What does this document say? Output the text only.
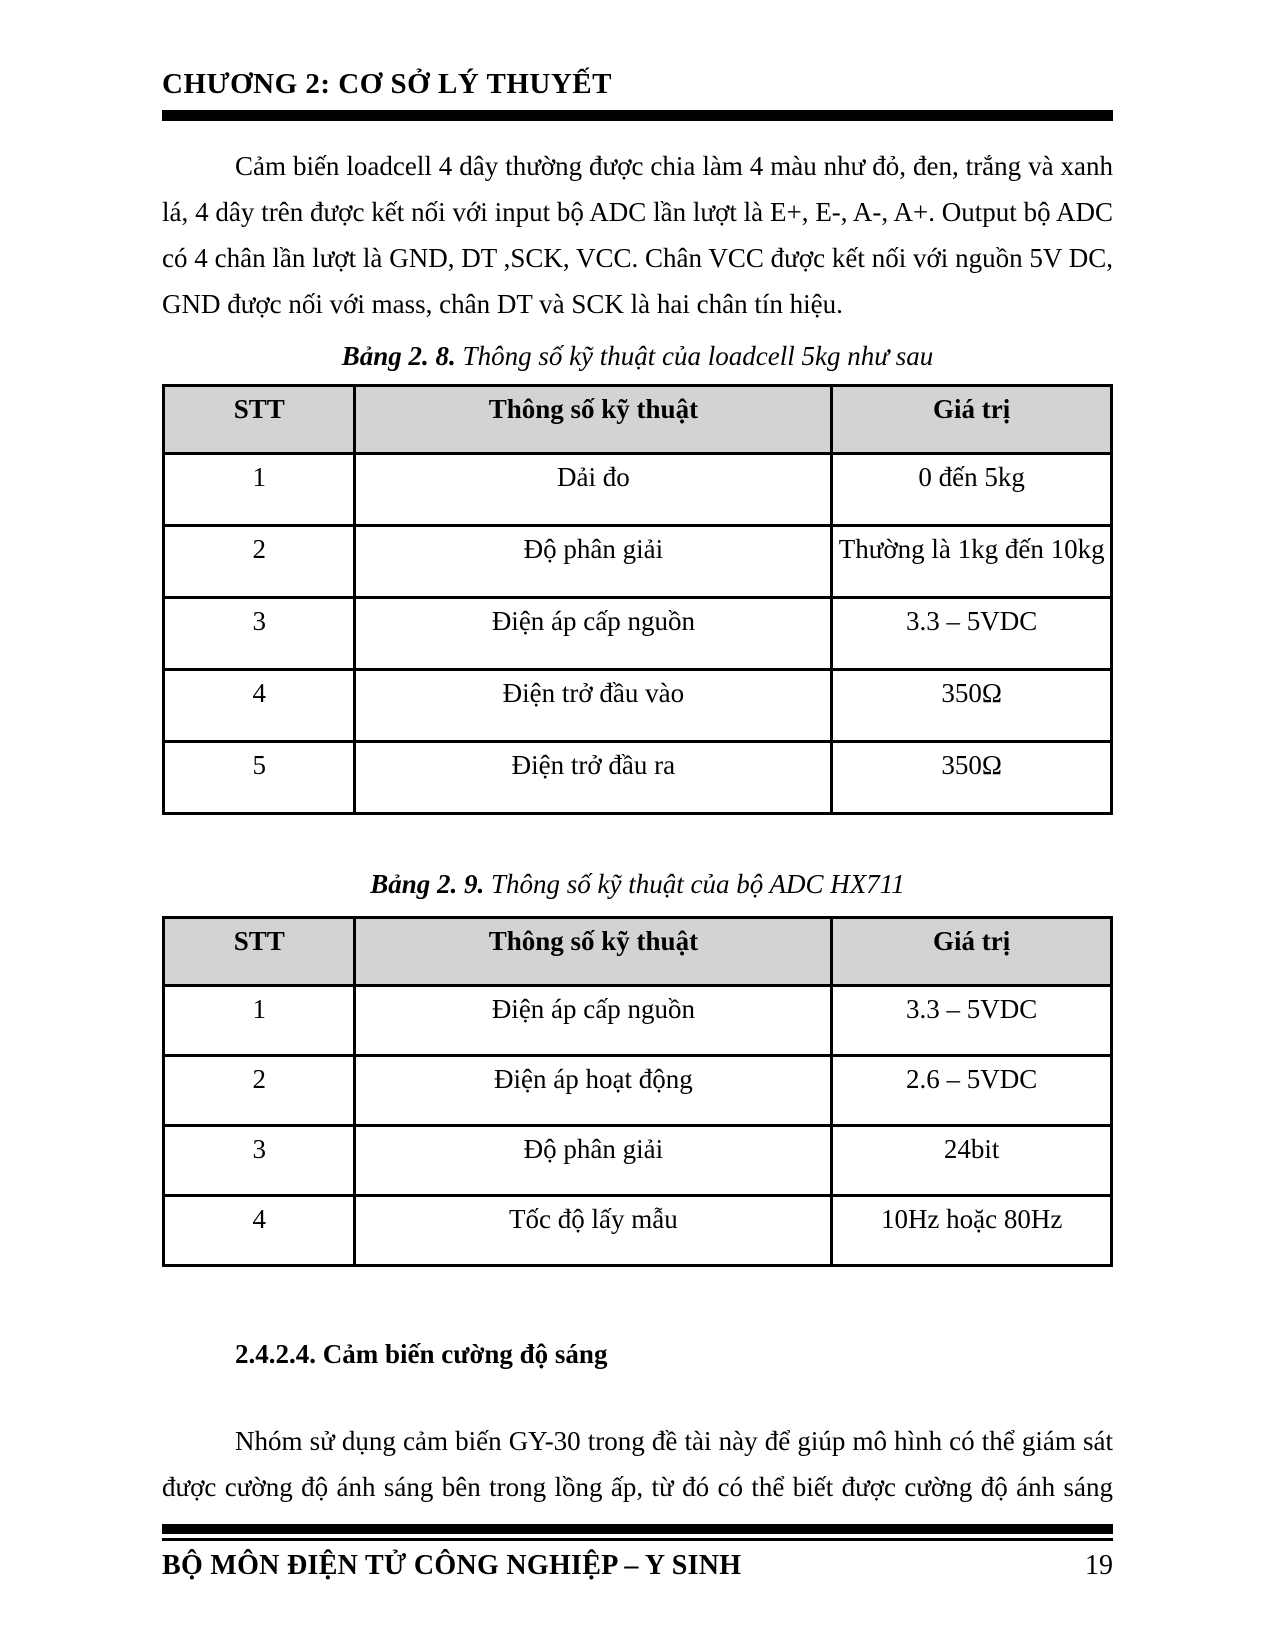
CHƯƠNG 2: CƠ SỞ LÝ THUYẾT

Cảm biến loadcell 4 dây thường được chia làm 4 màu như đỏ, đen, trắng và xanh lá, 4 dây trên được kết nối với input bộ ADC lần lượt là E+, E-, A-, A+. Output bộ ADC có 4 chân lần lượt là GND, DT ,SCK, VCC. Chân VCC được kết nối với nguồn 5V DC, GND được nối với mass, chân DT và SCK là hai chân tín hiệu.

Bảng 2. 8. Thông số kỹ thuật của loadcell 5kg như sau
STT	Thông số kỹ thuật	Giá trị
1	Dải đo	0 đến 5kg
2	Độ phân giải	Thường là 1kg đến 10kg
3	Điện áp cấp nguồn	3.3 – 5VDC
4	Điện trở đầu vào	350Ω
5	Điện trở đầu ra	350Ω
Bảng 2. 9. Thông số kỹ thuật của bộ ADC HX711
STT	Thông số kỹ thuật	Giá trị
1	Điện áp cấp nguồn	3.3 – 5VDC
2	Điện áp hoạt động	2.6 – 5VDC
3	Độ phân giải	24bit
4	Tốc độ lấy mẫu	10Hz hoặc 80Hz
2.4.2.4. Cảm biến cường độ sáng

Nhóm sử dụng cảm biến GY-30 trong đề tài này để giúp mô hình có thể giám sát được cường độ ánh sáng bên trong lồng ấp, từ đó có thể biết được cường độ ánh sáng

BỘ MÔN ĐIỆN TỬ CÔNG NGHIỆP – Y SINH	19
